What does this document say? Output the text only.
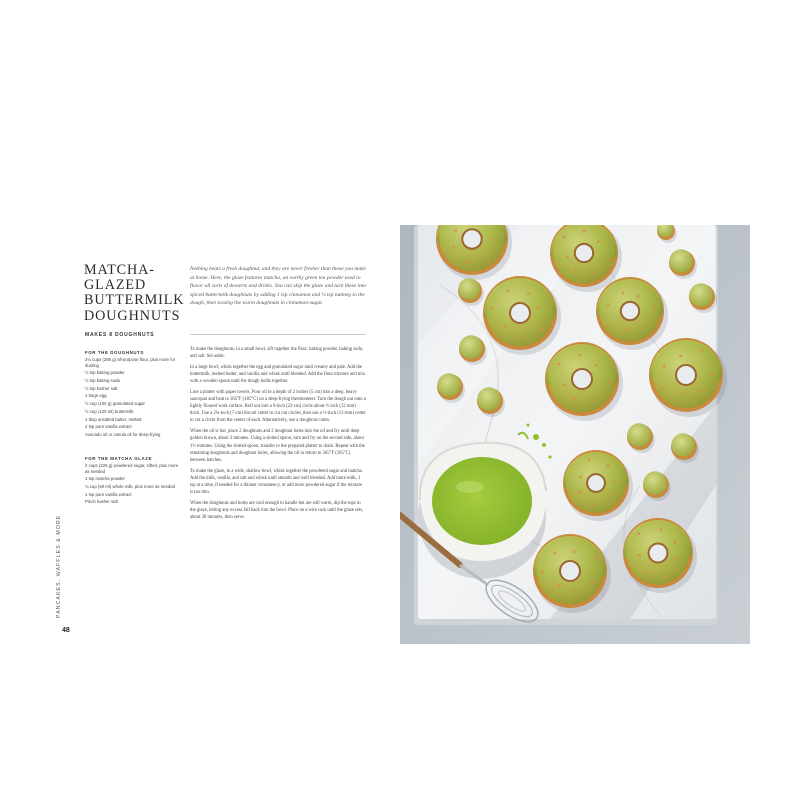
PANCAKES, WAFFLES & MORE
48
MATCHA-
GLAZED
BUTTERMILK
DOUGHNUTS
MAKES 8 DOUGHNUTS
FOR THE DOUGHNUTS
2¼ cups (285 g) all-purpose flour, plus more for dusting
½ tsp baking powder
½ tsp baking soda
½ tsp kosher salt
1 large egg
½ cup (100 g) granulated sugar
½ cup (120 ml) buttermilk
1 tbsp unsalted butter, melted
2 tsp pure vanilla extract
Avocado oil or canola oil for deep-frying
FOR THE MATCHA GLAZE
2 cups (225 g) powdered sugar, sifted, plus more as needed
1 tsp matcha powder
¼ cup (60 ml) whole milk, plus more as needed
1 tsp pure vanilla extract
Pinch kosher salt

Nothing beats a fresh doughnut, and they are never fresher than those you make at home. Here, the glaze features matcha, an earthy green tea powder used to flavor all sorts of desserts and drinks. You can skip the glaze and turn these into spiced buttermilk doughnuts by adding 1 tsp cinnamon and ¼ tsp nutmeg to the dough, then tossing the warm doughnuts in cinnamon-sugar.

To make the doughnuts, in a small bowl, sift together the flour, baking powder, baking soda, and salt. Set aside.

In a large bowl, whisk together the egg and granulated sugar until creamy and pale. Add the buttermilk, melted butter, and vanilla and whisk until blended. Add the flour mixture and mix with a wooden spoon until the dough holds together.

Line a platter with paper towels. Pour oil to a depth of 2 inches (5 cm) into a deep, heavy saucepan and heat to 365°F (185°C) on a deep-frying thermometer. Turn the dough out onto a lightly floured work surface. Roll out into a 9-inch (23-cm) circle about ½ inch (12 mm) thick. Use a 2¾-inch (7-cm) biscuit cutter to cut out circles, then use a ½-inch (12-mm) cutter to cut a circle from the center of each. Alternatively, use a doughnut cutter.

When the oil is hot, place 2 doughnuts and 2 doughnut holes into the oil and fry until deep golden brown, about 2 minutes. Using a slotted spoon, turn and fry on the second side, about 1½ minutes. Using the slotted spoon, transfer to the prepared platter to drain. Repeat with the remaining doughnuts and doughnut holes, allowing the oil to return to 365°F (185°C) between batches.

To make the glaze, in a wide, shallow bowl, whisk together the powdered sugar and matcha. Add the milk, vanilla, and salt and whisk until smooth and well blended. Add more milk, 1 tsp at a time, if needed for a thinner consistency, or add more powdered sugar if the mixture is too thin.

When the doughnuts and holes are cool enough to handle but are still warm, dip the tops in the glaze, letting any excess fall back into the bowl. Place on a wire rack until the glaze sets, about 30 minutes, then serve.
